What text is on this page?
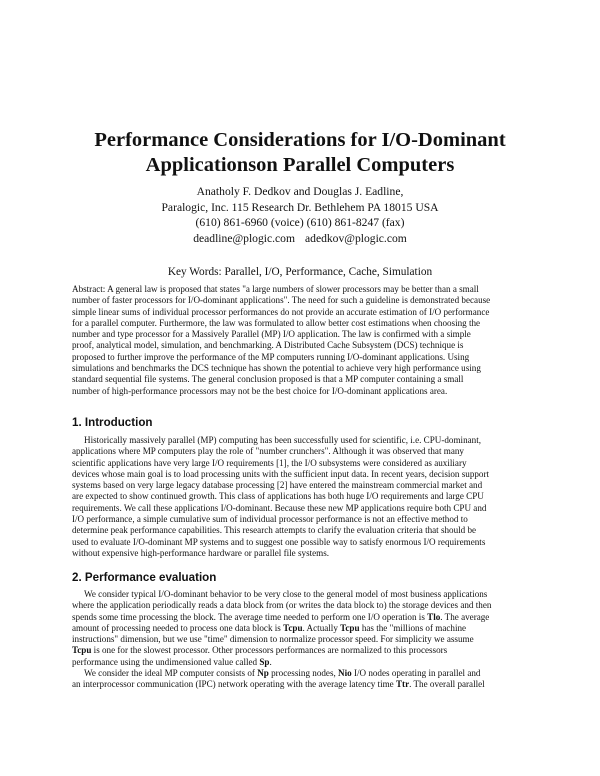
Performance Considerations for I/O-Dominant
Applicationson Parallel Computers
Anatholy F. Dedkov and Douglas J. Eadline,
Paralogic, Inc. 115 Research Dr. Bethlehem PA 18015 USA
(610) 861-6960 (voice) (610) 861-8247 (fax)
deadline@plogic.com adedkov@plogic.com
Key Words: Parallel, I/O, Performance, Cache, Simulation
Abstract: A general law is proposed that states "a large numbers of slower processors may be better than a small
number of faster processors for I/O-dominant applications". The need for such a guideline is demonstrated because
simple linear sums of individual processor performances do not provide an accurate estimation of I/O performance
for a parallel computer. Furthermore, the law was formulated to allow better cost estimations when choosing the
number and type processor for a Massively Parallel (MP) I/O application. The law is confirmed with a simple
proof, analytical model, simulation, and benchmarking. A Distributed Cache Subsystem (DCS) technique is
proposed to further improve the performance of the MP computers running I/O-dominant applications. Using
simulations and benchmarks the DCS technique has shown the potential to achieve very high performance using
standard sequential file systems. The general conclusion proposed is that a MP computer containing a small
number of high-performance processors may not be the best choice for I/O-dominant applications area.
1. Introduction
Historically massively parallel (MP) computing has been successfully used for scientific, i.e. CPU-dominant,
applications where MP computers play the role of "number crunchers". Although it was observed that many
scientific applications have very large I/O requirements [1], the I/O subsystems were considered as auxiliary
devices whose main goal is to load processing units with the sufficient input data. In recent years, decision support
systems based on very large legacy database processing [2] have entered the mainstream commercial market and
are expected to show continued growth. This class of applications has both huge I/O requirements and large CPU
requirements. We call these applications I/O-dominant. Because these new MP applications require both CPU and
I/O performance, a simple cumulative sum of individual processor performance is not an effective method to
determine peak performance capabilities. This research attempts to clarify the evaluation criteria that should be
used to evaluate I/O-dominant MP systems and to suggest one possible way to satisfy enormous I/O requirements
without expensive high-performance hardware or parallel file systems.
2. Performance evaluation
We consider typical I/O-dominant behavior to be very close to the general model of most business applications
where the application periodically reads a data block from (or writes the data block to) the storage devices and then
spends some time processing the block. The average time needed to perform one I/O operation is Tlo. The average
amount of processing needed to process one data block is Tcpu. Actually Tcpu has the "millions of machine
instructions" dimension, but we use "time" dimension to normalize processor speed. For simplicity we assume
Tcpu is one for the slowest processor. Other processors performances are normalized to this processors
performance using the undimensioned value called Sp.
We consider the ideal MP computer consists of Np processing nodes, Nio I/O nodes operating in parallel and
an interprocessor communication (IPC) network operating with the average latency time Ttr. The overall parallel
